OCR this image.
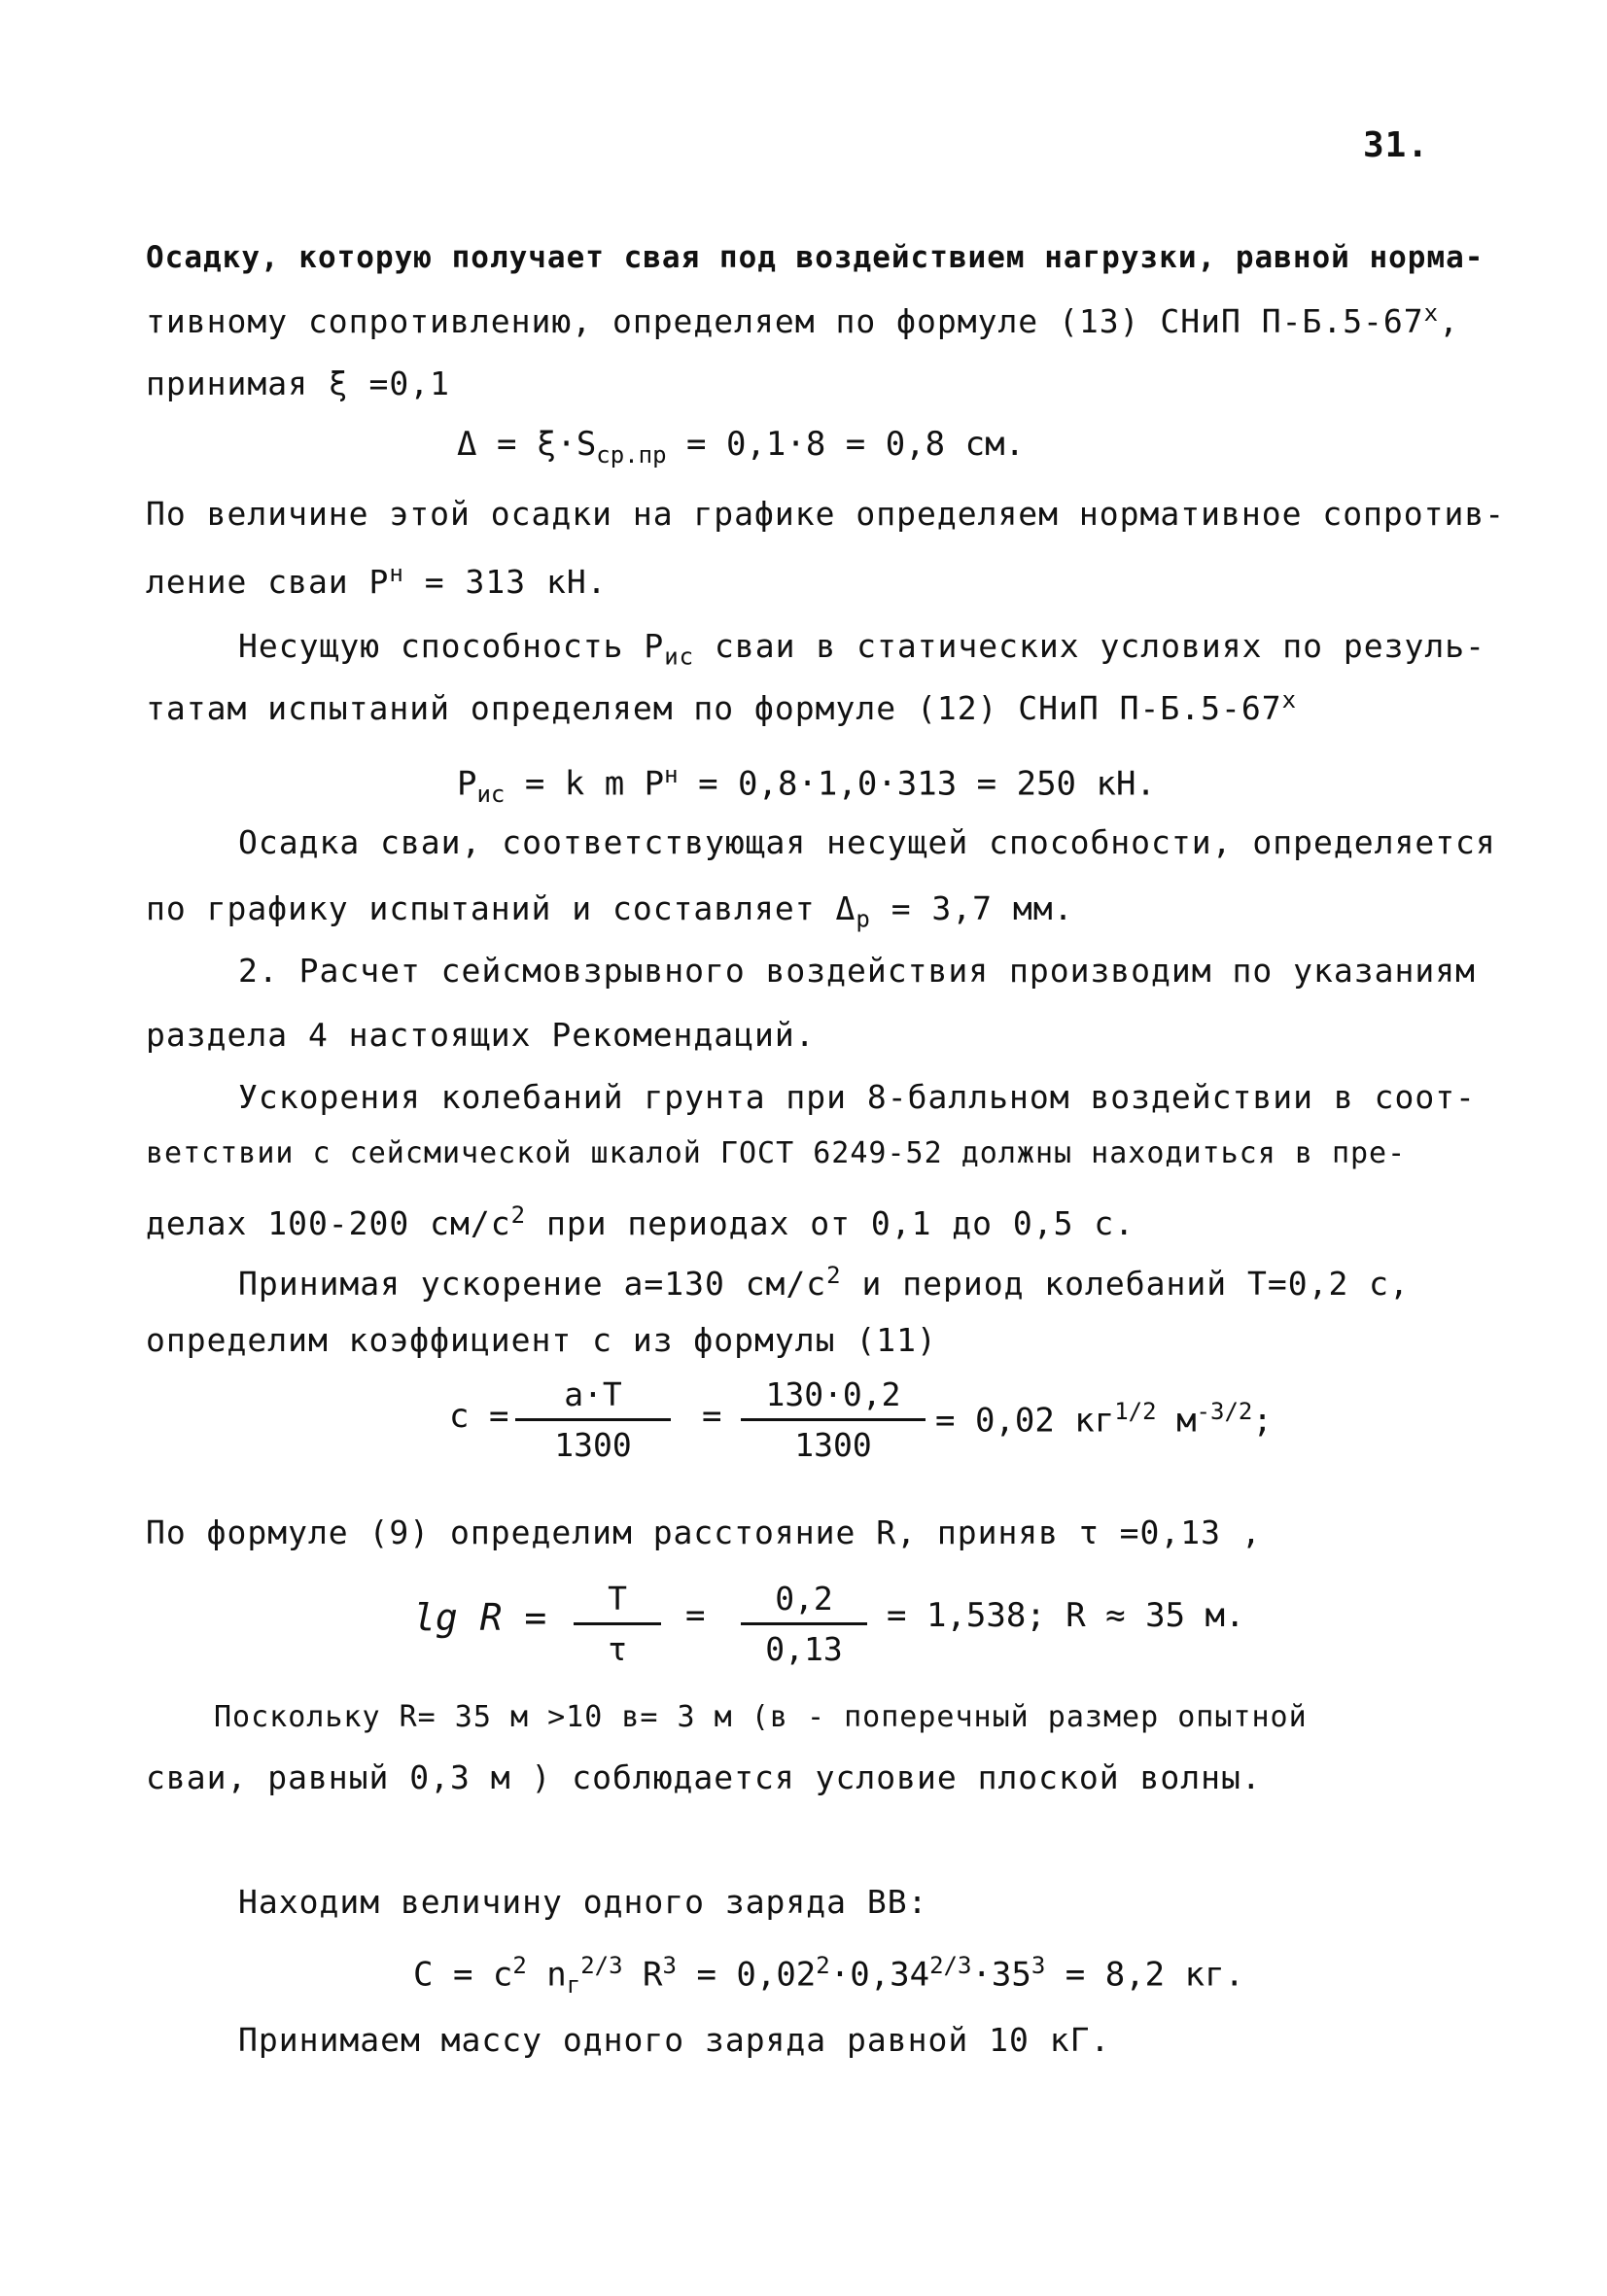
31.
Осадку, которую получает свая под воздействием нагрузки, равной норма-
тивному сопротивлению, определяем по формуле (13) СНиП П-Б.5-67$^x$,
принимая ξ =0,1
$\Delta = \xi\cdot S_{ср.пр} = 0,1\cdot 8 = 0,8$ см.
По величине этой осадки на графике определяем нормативное сопротив-
ление сваи $P^н = 313$ кН.
Несущую способность $P_{ис}$ сваи в статических условиях по резуль-
татам испытаний определяем по формуле (12) СНиП П-Б.5-67$^x$
$P_{ис} = k$ m $P^н = 0,8\cdot 1,0\cdot 313 = 250$ кН.
Осадка сваи, соответствующая несущей способности, определяется
по графику испытаний и составляет $\Delta_р = 3,7$ мм.
2. Расчет сейсмовзрывного воздействия производим по указаниям
раздела 4 настоящих Рекомендаций.
Ускорения колебаний грунта при 8-балльном воздействии в соот-
ветствии с сейсмической шкалой ГОСТ 6249-52 должны находиться в пре-
делах 100-200 $см/с^2$ при периодах от 0,1 до 0,5 с.
Принимая ускорение a=130 $см/с^2$ и период колебаний T=0,2 с,
определим коэффициент c из формулы (11)
c =
a·T
1300
=
130·0,2
1300
= 0,02 $кг^{1/2}$ $м^{-3/2}$;
По формуле (9) определим расстояние R, приняв τ =0,13 ,
lg R =	T
τ
=	0,2
0,13
= 1,538; R ≈ 35 м.
Поскольку R= 35 м >10 в= 3 м (в - поперечный размер опытной
сваи, равный 0,3 м ) соблюдается условие плоской волны.
Находим величину одного заряда ВВ:
$C = c^2$ $n_г^{2/3}$ $R^3 = 0,02^2\cdot 0,34^{2/3}\cdot 35^3 = 8,2$ кг.
Принимаем массу одного заряда равной 10 кГ.
